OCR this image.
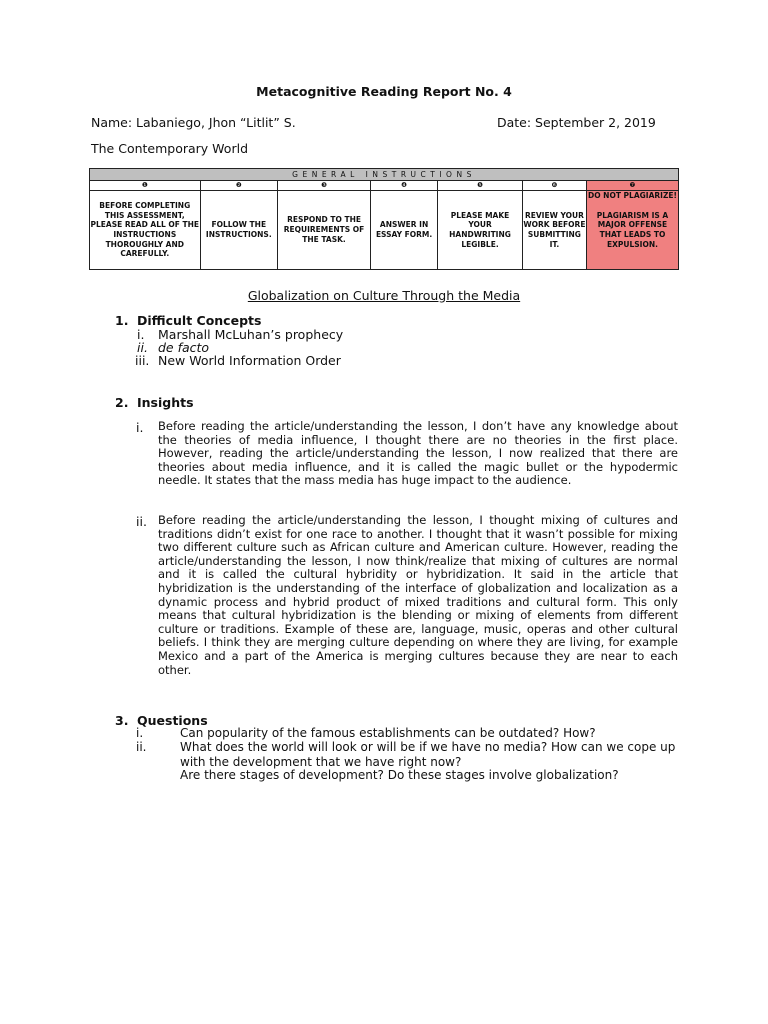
Metacognitive Reading Report No. 4
Name: Labaniego, Jhon “Litlit” S.	Date: September 2, 2019
The Contemporary World
GENERAL INSTRUCTIONS						
❶	❷	❸	❹	❺	❻	❼
BEFORE COMPLETING THIS ASSESSMENT, PLEASE READ ALL OF THE INSTRUCTIONS THOROUGHLY AND CAREFULLY.	FOLLOW THE INSTRUCTIONS.	RESPOND TO THE REQUIREMENTS OF THE TASK.	ANSWER IN ESSAY FORM.	PLEASE MAKE YOUR HANDWRITING LEGIBLE.	REVIEW YOUR WORK BEFORE SUBMITTING IT.	DO NOT PLAGIARIZE!
PLAGIARISM IS A MAJOR OFFENSE THAT LEADS TO EXPULSION.
Globalization on Culture Through the Media
1. Difficult Concepts
i. Marshall McLuhan’s prophecy
ii. de facto
iii. New World Information Order
2. Insights
i. Before reading the article/understanding the lesson, I don’t have any knowledge about the theories of media influence, I thought there are no theories in the first place. However, reading the article/understanding the lesson, I now realized that there are theories about media influence, and it is called the magic bullet or the hypodermic needle. It states that the mass media has huge impact to the audience.
ii. Before reading the article/understanding the lesson, I thought mixing of cultures and traditions didn’t exist for one race to another. I thought that it wasn’t possible for mixing two different culture such as African culture and American culture. However, reading the article/understanding the lesson, I now think/realize that mixing of cultures are normal and it is called the cultural hybridity or hybridization. It said in the article that hybridization is the understanding of the interface of globalization and localization as a dynamic process and hybrid product of mixed traditions and cultural form. This only means that cultural hybridization is the blending or mixing of elements from different culture or traditions. Example of these are, language, music, operas and other cultural beliefs. I think they are merging culture depending on where they are living, for example Mexico and a part of the America is merging cultures because they are near to each other.
3. Questions
i.	Can popularity of the famous establishments can be outdated? How?
ii.	What does the world will look or will be if we have no media? How can we cope up with the development that we have right now?
Are there stages of development? Do these stages involve globalization?
